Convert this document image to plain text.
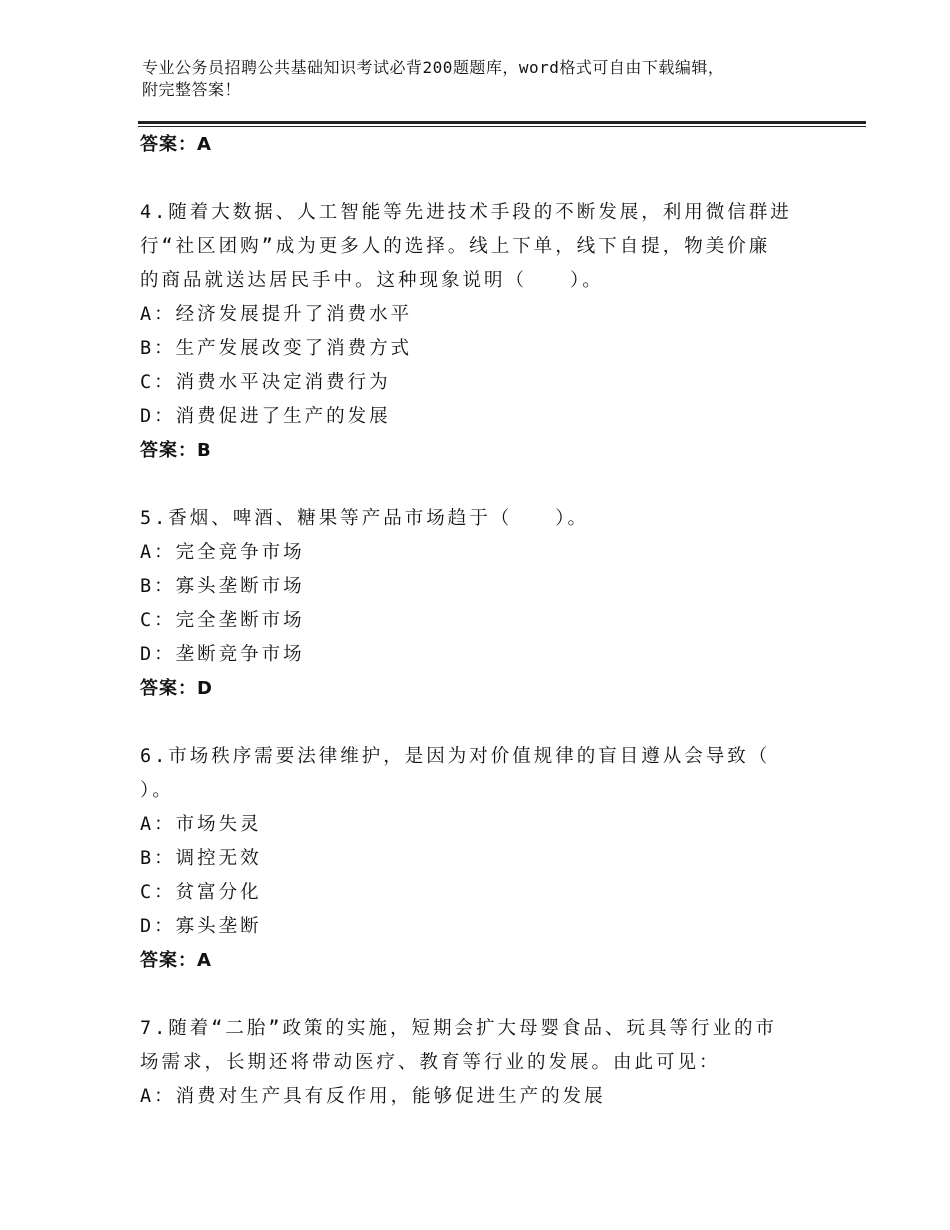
专业公务员招聘公共基础知识考试必背200题题库，word格式可自由下载编辑，
附完整答案！
答案：A
4.随着大数据、人工智能等先进技术手段的不断发展，利用微信群进
行“社区团购”成为更多人的选择。线上下单，线下自提，物美价廉
的商品就送达居民手中。这种现象说明（　　）。
A：经济发展提升了消费水平
B：生产发展改变了消费方式
C：消费水平决定消费行为
D：消费促进了生产的发展
答案：B
5.香烟、啤酒、糖果等产品市场趋于（　　）。
A：完全竞争市场
B：寡头垄断市场
C：完全垄断市场
D：垄断竞争市场
答案：D
6.市场秩序需要法律维护，是因为对价值规律的盲目遵从会导致（
）。
A：市场失灵
B：调控无效
C：贫富分化
D：寡头垄断
答案：A
7.随着“二胎”政策的实施，短期会扩大母婴食品、玩具等行业的市
场需求，长期还将带动医疗、教育等行业的发展。由此可见：
A：消费对生产具有反作用，能够促进生产的发展
